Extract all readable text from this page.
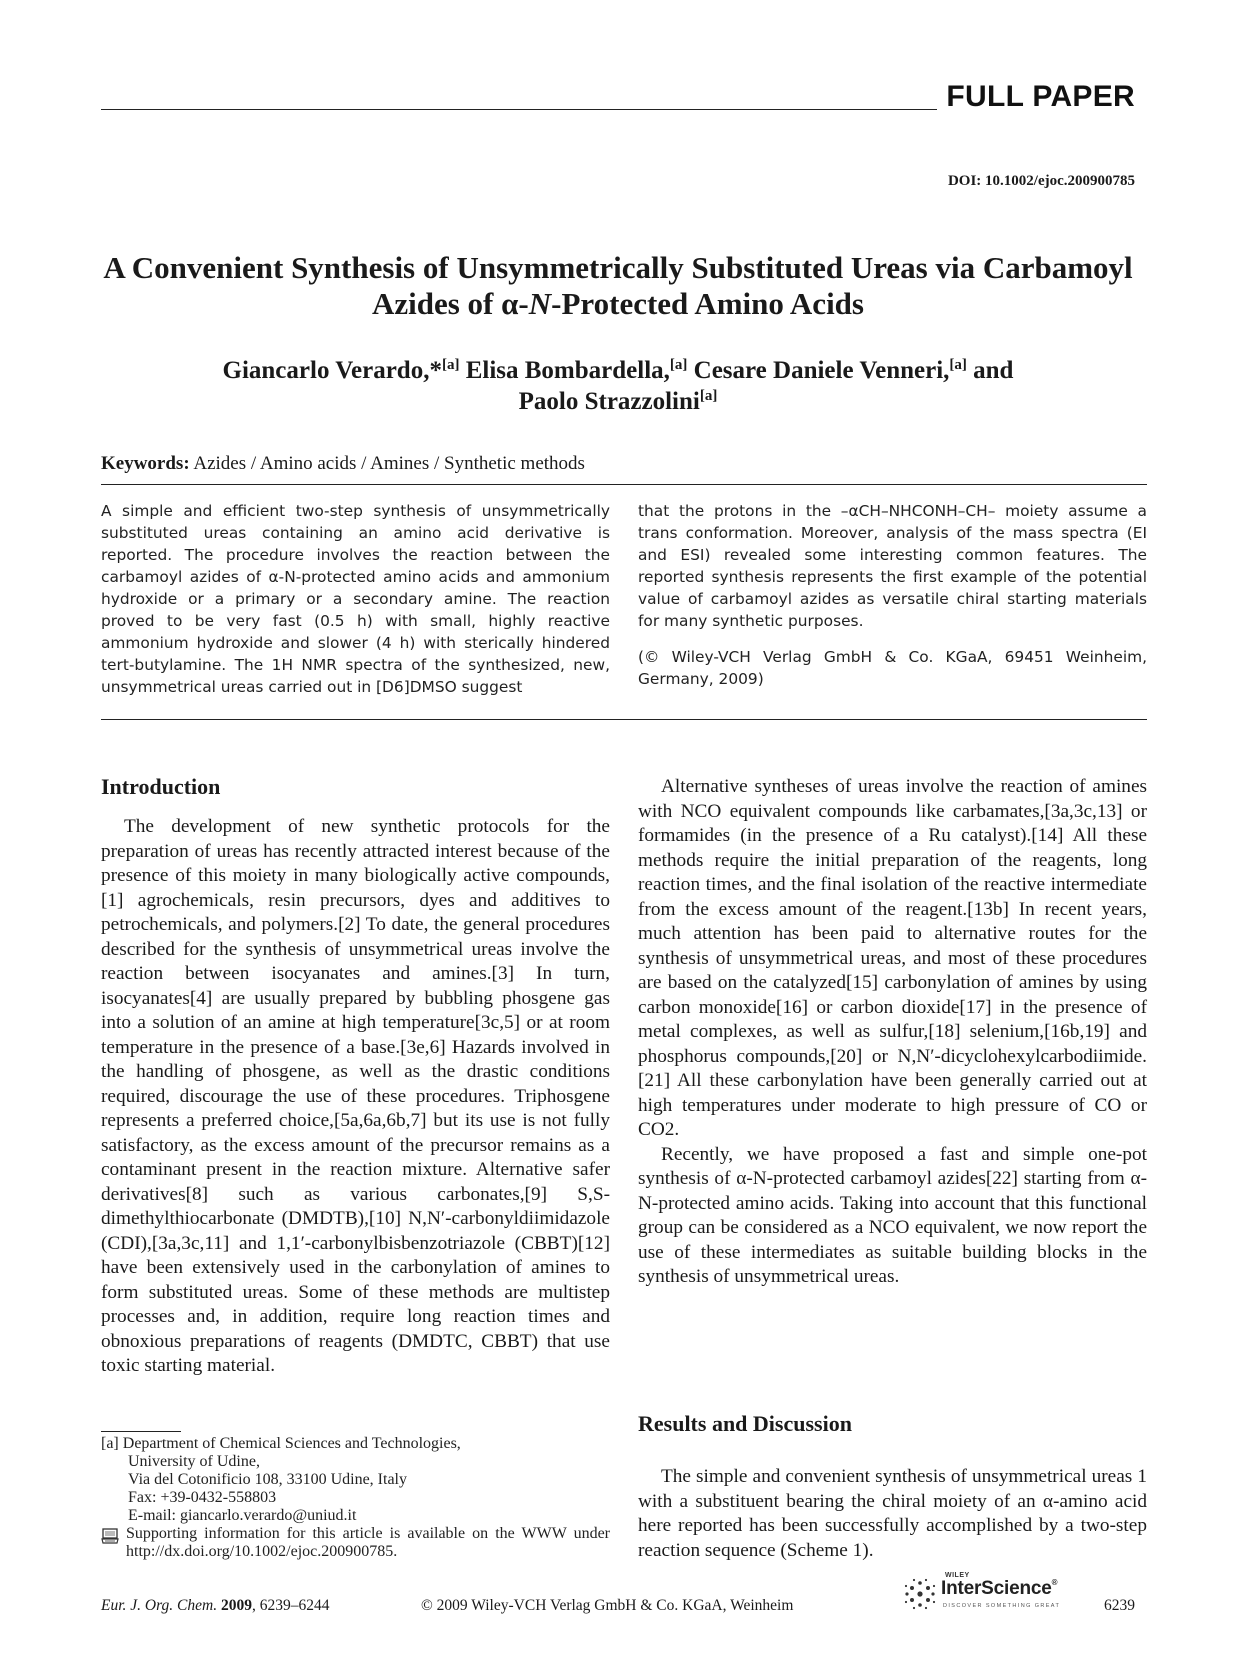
FULL PAPER
DOI: 10.1002/ejoc.200900785
A Convenient Synthesis of Unsymmetrically Substituted Ureas via Carbamoyl
Azides of α-N-Protected Amino Acids
Giancarlo Verardo,*[a] Elisa Bombardella,[a] Cesare Daniele Venneri,[a] and
Paolo Strazzolini[a]
Keywords: Azides / Amino acids / Amines / Synthetic methods

A simple and efficient two-step synthesis of unsymmetrically substituted ureas containing an amino acid derivative is reported. The procedure involves the reaction between the carbamoyl azides of α-N-protected amino acids and ammonium hydroxide or a primary or a secondary amine. The reaction proved to be very fast (0.5 h) with small, highly reactive ammonium hydroxide and slower (4 h) with sterically hindered tert-butylamine. The 1H NMR spectra of the synthesized, new, unsymmetrical ureas carried out in [D6]DMSO suggest

that the protons in the –αCH–NHCONH–CH– moiety assume a trans conformation. Moreover, analysis of the mass spectra (EI and ESI) revealed some interesting common features. The reported synthesis represents the first example of the potential value of carbamoyl azides as versatile chiral starting materials for many synthetic purposes.

(© Wiley-VCH Verlag GmbH & Co. KGaA, 69451 Weinheim, Germany, 2009)

Introduction

The development of new synthetic protocols for the preparation of ureas has recently attracted interest because of the presence of this moiety in many biologically active compounds,[1] agrochemicals, resin precursors, dyes and additives to petrochemicals, and polymers.[2] To date, the general procedures described for the synthesis of unsymmetrical ureas involve the reaction between isocyanates and amines.[3] In turn, isocyanates[4] are usually prepared by bubbling phosgene gas into a solution of an amine at high temperature[3c,5] or at room temperature in the presence of a base.[3e,6] Hazards involved in the handling of phosgene, as well as the drastic conditions required, discourage the use of these procedures. Triphosgene represents a preferred choice,[5a,6a,6b,7] but its use is not fully satisfactory, as the excess amount of the precursor remains as a contaminant present in the reaction mixture. Alternative safer derivatives[8] such as various carbonates,[9] S,S-dimethylthiocarbonate (DMDTB),[10] N,N′-carbonyldiimidazole (CDI),[3a,3c,11] and 1,1′-carbonylbisbenzotriazole (CBBT)[12] have been extensively used in the carbonylation of amines to form substituted ureas. Some of these methods are multistep processes and, in addition, require long reaction times and obnoxious preparations of reagents (DMDTC, CBBT) that use toxic starting material.

Alternative syntheses of ureas involve the reaction of amines with NCO equivalent compounds like carbamates,[3a,3c,13] or formamides (in the presence of a Ru catalyst).[14] All these methods require the initial preparation of the reagents, long reaction times, and the final isolation of the reactive intermediate from the excess amount of the reagent.[13b] In recent years, much attention has been paid to alternative routes for the synthesis of unsymmetrical ureas, and most of these procedures are based on the catalyzed[15] carbonylation of amines by using carbon monoxide[16] or carbon dioxide[17] in the presence of metal complexes, as well as sulfur,[18] selenium,[16b,19] and phosphorus compounds,[20] or N,N′-dicyclohexylcarbodiimide.[21] All these carbonylation have been generally carried out at high temperatures under moderate to high pressure of CO or CO2.

Recently, we have proposed a fast and simple one-pot synthesis of α-N-protected carbamoyl azides[22] starting from α-N-protected amino acids. Taking into account that this functional group can be considered as a NCO equivalent, we now report the use of these intermediates as suitable building blocks in the synthesis of unsymmetrical ureas.

Results and Discussion

The simple and convenient synthesis of unsymmetrical ureas 1 with a substituent bearing the chiral moiety of an α-amino acid here reported has been successfully accomplished by a two-step reaction sequence (Scheme 1).

[a] Department of Chemical Sciences and Technologies,
University of Udine,
Via del Cotonificio 108, 33100 Udine, Italy
Fax: +39-0432-558803
E-mail: giancarlo.verardo@uniud.it
Supporting information for this article is available on the WWW under http://dx.doi.org/10.1002/ejoc.200900785.
Eur. J. Org. Chem. 2009, 6239–6244	© 2009 Wiley-VCH Verlag GmbH & Co. KGaA, Weinheim
WILEY
InterScience®
DISCOVER SOMETHING GREAT	6239
